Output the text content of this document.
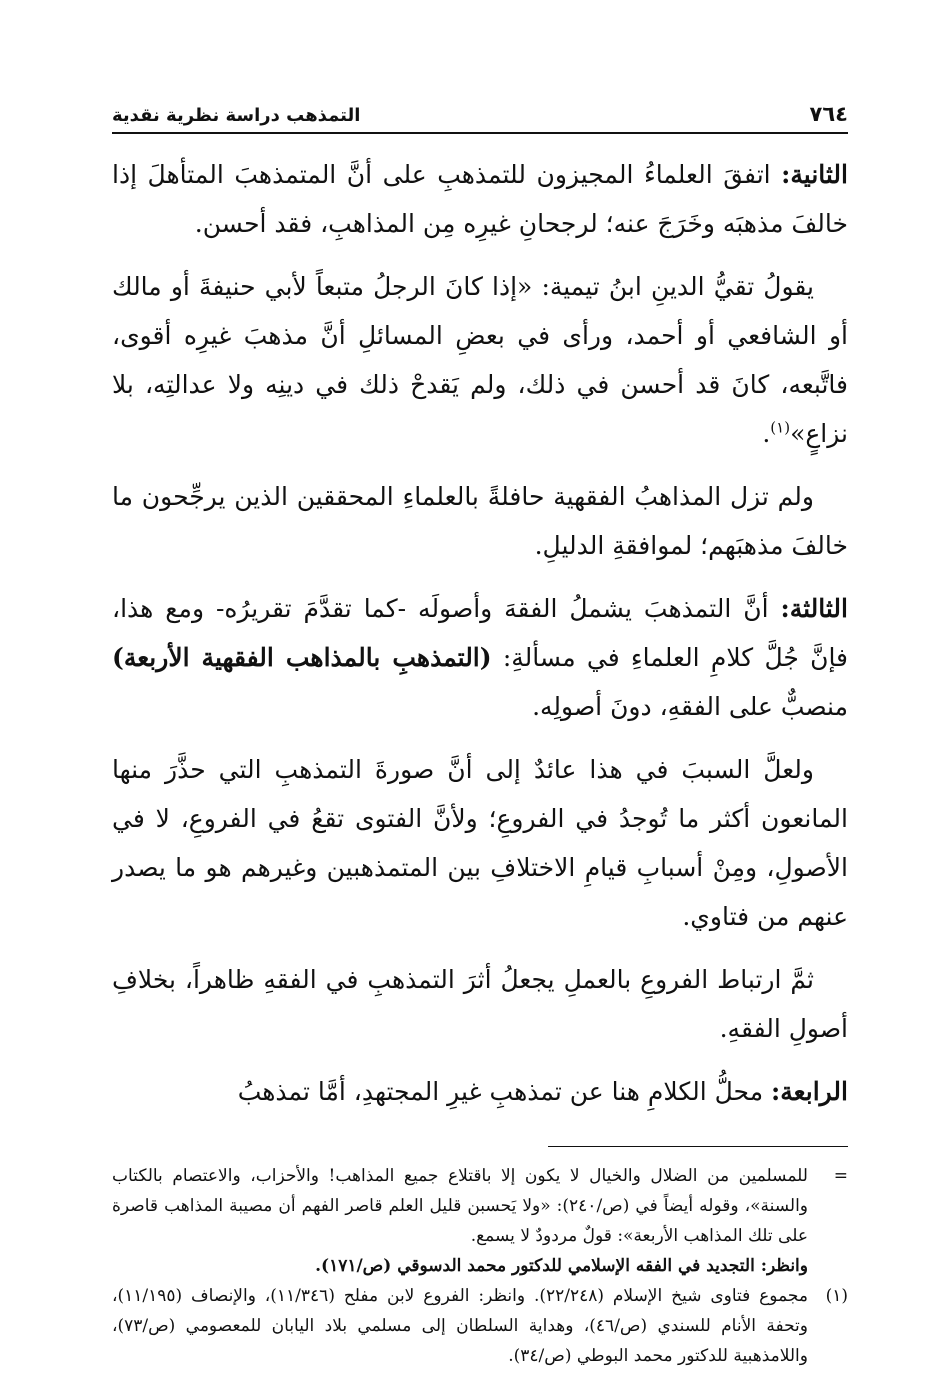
٧٦٤
التمذهب دراسة نظرية نقدية

الثانية: اتفقَ العلماءُ المجيزون للتمذهبِ على أنَّ المتمذهبَ المتأهلَ إذا خالفَ مذهبَه وخَرَجَ عنه؛ لرجحانِ غيرِه مِن المذاهبِ، فقد أحسن.

يقولُ تقيُّ الدينِ ابنُ تيمية: «إذا كانَ الرجلُ متبعاً لأبي حنيفةَ أو مالك أو الشافعي أو أحمد، ورأى في بعضِ المسائلِ أنَّ مذهبَ غيرِه أقوى، فاتَّبعه، كانَ قد أحسن في ذلك، ولم يَقدحْ ذلك في دينِه ولا عدالتِه، بلا نزاعٍ»$^{(١)}$.

ولم تزل المذاهبُ الفقهية حافلةً بالعلماءِ المحققين الذين يرجِّحون ما خالفَ مذهبَهم؛ لموافقةِ الدليلِ.

الثالثة: أنَّ التمذهبَ يشملُ الفقهَ وأصولَه -كما تقدَّمَ تقريرُه- ومع هذا، فإنَّ جُلَّ كلامِ العلماءِ في مسألةِ: (التمذهبِ بالمذاهب الفقهية الأربعة) منصبٌّ على الفقهِ، دونَ أصولِه.

ولعلَّ السببَ في هذا عائدٌ إلى أنَّ صورةَ التمذهبِ التي حذَّرَ منها المانعون أكثر ما تُوجدُ في الفروعِ؛ ولأنَّ الفتوى تقعُ في الفروعِ، لا في الأصولِ، ومِنْ أسبابِ قيامِ الاختلافِ بين المتمذهبين وغيرهم هو ما يصدر عنهم من فتاوي.

ثمَّ ارتباط الفروعِ بالعملِ يجعلُ أثرَ التمذهبِ في الفقهِ ظاهراً، بخلافِ أصولِ الفقهِ.

الرابعة: محلُّ الكلامِ هنا عن تمذهبِ غيرِ المجتهدِ، أمَّا تمذهبُ

=

للمسلمين من الضلال والخيال لا يكون إلا باقتلاع جميع المذاهب! والأحزاب، والاعتصام بالكتاب والسنة»، وقوله أيضاً في (ص/٢٤٠): «ولا يَحسبن قليل العلم قاصر الفهم أن مصيبة المذاهب قاصرة على تلك المذاهب الأربعة»: قولٌ مردودٌ لا يسمع.

وانظر: التجديد في الفقه الإسلامي للدكتور محمد الدسوقي (ص/١٧١).

(١)

مجموع فتاوى شيخ الإسلام (٢٢/٢٤٨). وانظر: الفروع لابن مفلح (١١/٣٤٦)، والإنصاف (١١/١٩٥)، وتحفة الأنام للسندي (ص/٤٦)، وهداية السلطان إلى مسلمي بلاد اليابان للمعصومي (ص/٧٣)، واللامذهبية للدكتور محمد البوطي (ص/٣٤).
